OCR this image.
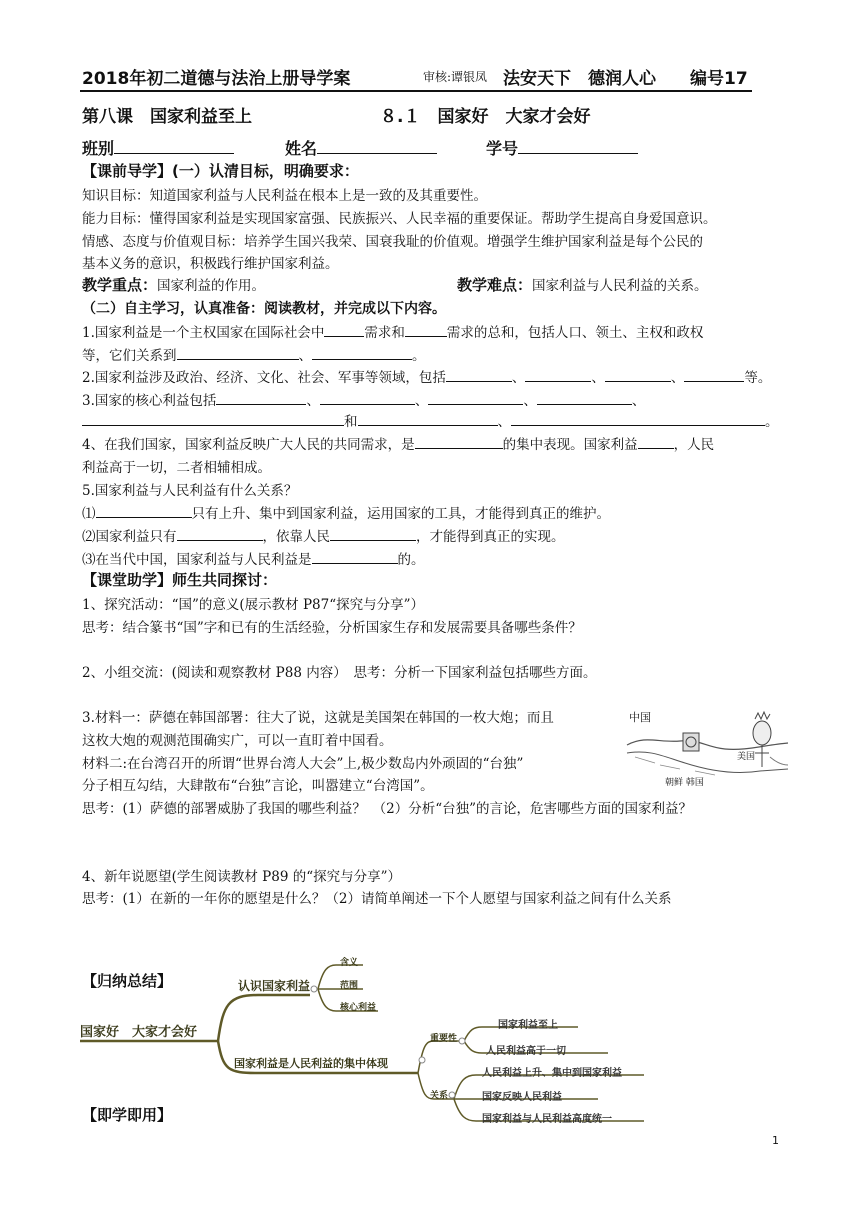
2018年初二道德与法治上册导学案	审核:谭银凤 法安天下　德润人心 编号17
第八课　国家利益至上	８.１　国家好　大家才会好
班别	姓名	学号
【课前导学】(一）认清目标，明确要求：
知识目标：知道国家利益与人民利益在根本上是一致的及其重要性。
能力目标：懂得国家利益是实现国家富强、民族振兴、人民幸福的重要保证。帮助学生提高自身爱国意识。
情感、态度与价值观目标：培养学生国兴我荣、国衰我耻的价值观。增强学生维护国家利益是每个公民的
基本义务的意识，积极践行维护国家利益。
教学重点：国家利益的作用。	教学难点：国家利益与人民利益的关系。
（二）自主学习，认真准备：阅读教材，并完成以下内容。
1.国家利益是一个主权国家在国际社会中	需求和	需求的总和，包括人口、领土、主权和政权
等，它们关系到	、	。
2.国家利益涉及政治、经济、文化、社会、军事等领域，包括	、	、	、	等。
3.国家的核心利益包括	、	、	、	、
和	、	。
4、在我们国家，国家利益反映广大人民的共同需求，是	的集中表现。国家利益	，人民
利益高于一切，二者相辅相成。
5.国家利益与人民利益有什么关系？
⑴	只有上升、集中到国家利益，运用国家的工具，才能得到真正的维护。
⑵国家利益只有	，依靠人民	，才能得到真正的实现。
⑶在当代中国，国家利益与人民利益是	的。
【课堂助学】师生共同探讨：
1、探究活动：“国”的意义(展示教材 P87“探究与分享”）
思考：结合篆书“国”字和已有的生活经验，分析国家生存和发展需要具备哪些条件？
2、小组交流：(阅读和观察教材 P88 内容）　思考：分析一下国家利益包括哪些方面。
3.材料一：萨德在韩国部署：往大了说，这就是美国架在韩国的一枚大炮；而且
这枚大炮的观测范围确实广，可以一直盯着中国看。
材料二:在台湾召开的所谓“世界台湾人大会”上,极少数岛内外顽固的“台独”
分子相互勾结，大肆散布“台独”言论，叫嚣建立“台湾国”。
思考：(1）萨德的部署威胁了我国的哪些利益？　（2）分析“台独”的言论，危害哪些方面的国家利益？
中国
美国
朝鲜 韩国
4、新年说愿望(学生阅读教材 P89 的“探究与分享”）
思考：(1）在新的一年你的愿望是什么？（2）请简单阐述一下个人愿望与国家利益之间有什么关系
【归纳总结】
国家好　大家才会好
认识国家利益
含义
范围
核心利益
国家利益是人民利益的集中体现
重要性
关系
国家利益至上
人民利益高于一切
人民利益上升、集中到国家利益
国家反映人民利益
国家利益与人民利益高度统一
【即学即用】
1
